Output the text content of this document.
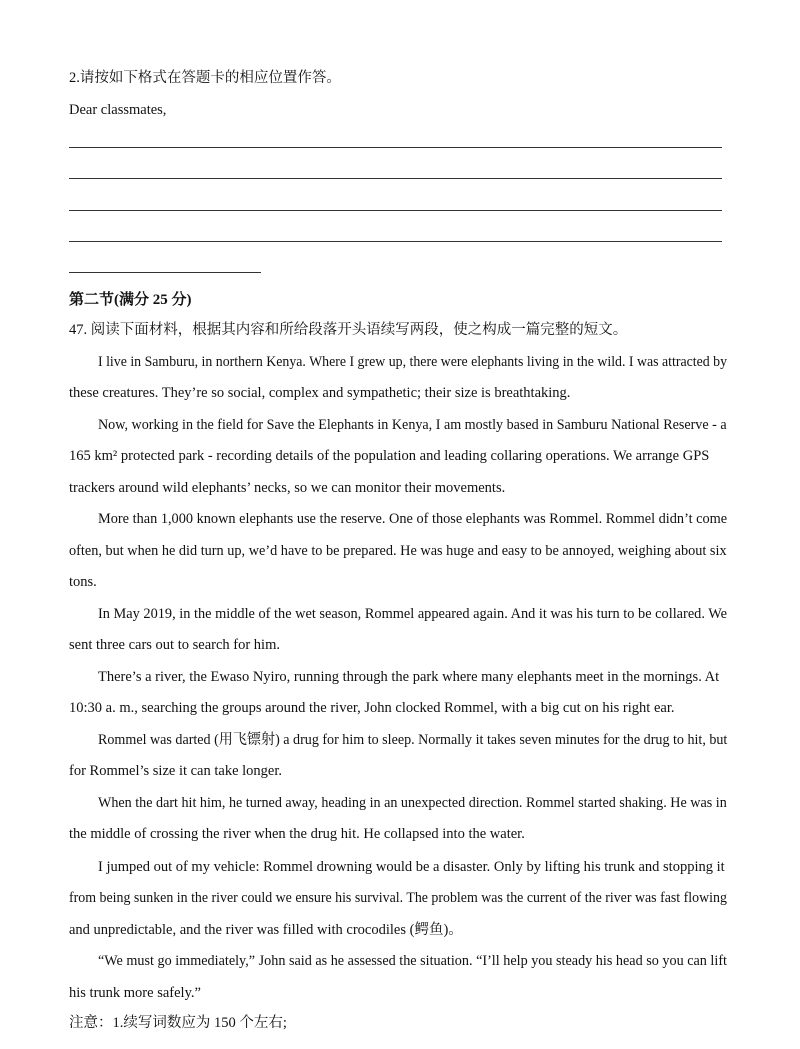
2.请按如下格式在答题卡的相应位置作答。
Dear classmates,
第二节(满分 25 分)
47. 阅读下面材料，根据其内容和所给段落开头语续写两段，使之构成一篇完整的短文。
I live in Samburu, in northern Kenya. Where I grew up, there were elephants living in the wild. I was attracted by
these creatures. They’re so social, complex and sympathetic; their size is breathtaking.
Now, working in the field for Save the Elephants in Kenya, I am mostly based in Samburu National Reserve - a
165 km² protected park - recording details of the population and leading collaring operations. We arrange GPS
trackers around wild elephants’ necks, so we can monitor their movements.
More than 1,000 known elephants use the reserve. One of those elephants was Rommel. Rommel didn’t come
often, but when he did turn up, we’d have to be prepared. He was huge and easy to be annoyed, weighing about six
tons.
In May 2019, in the middle of the wet season, Rommel appeared again. And it was his turn to be collared. We
sent three cars out to search for him.
There’s a river, the Ewaso Nyiro, running through the park where many elephants meet in the mornings. At
10:30 a. m., searching the groups around the river, John clocked Rommel, with a big cut on his right ear.
Rommel was darted (用飞镖射) a drug for him to sleep. Normally it takes seven minutes for the drug to hit, but
for Rommel’s size it can take longer.
When the dart hit him, he turned away, heading in an unexpected direction. Rommel started shaking. He was in
the middle of crossing the river when the drug hit. He collapsed into the water.
I jumped out of my vehicle: Rommel drowning would be a disaster. Only by lifting his trunk and stopping it
from being sunken in the river could we ensure his survival. The problem was the current of the river was fast flowing
and unpredictable, and the river was filled with crocodiles (鳄鱼)。
“We must go immediately,” John said as he assessed the situation. “I’ll help you steady his head so you can lift
his trunk more safely.”
注意：1.续写词数应为 150 个左右;
